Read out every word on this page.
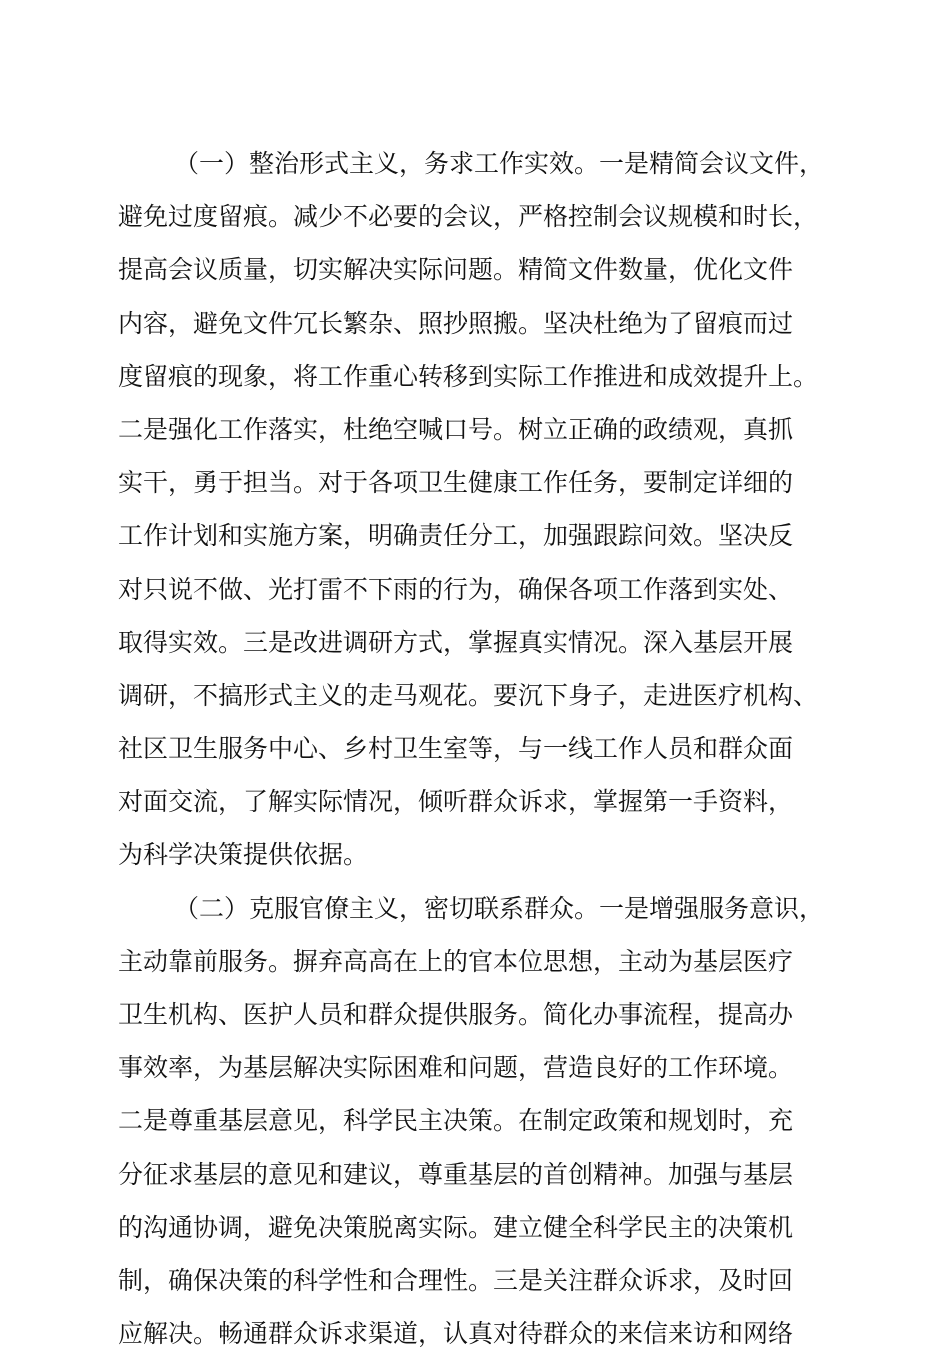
（一）整治形式主义，务求工作实效。一是精简会议文件，
避免过度留痕。减少不必要的会议，严格控制会议规模和时长，
提高会议质量，切实解决实际问题。精简文件数量，优化文件
内容，避免文件冗长繁杂、照抄照搬。坚决杜绝为了留痕而过
度留痕的现象，将工作重心转移到实际工作推进和成效提升上。
二是强化工作落实，杜绝空喊口号。树立正确的政绩观，真抓
实干，勇于担当。对于各项卫生健康工作任务，要制定详细的
工作计划和实施方案，明确责任分工，加强跟踪问效。坚决反
对只说不做、光打雷不下雨的行为，确保各项工作落到实处、
取得实效。三是改进调研方式，掌握真实情况。深入基层开展
调研，不搞形式主义的走马观花。要沉下身子，走进医疗机构、
社区卫生服务中心、乡村卫生室等，与一线工作人员和群众面
对面交流，了解实际情况，倾听群众诉求，掌握第一手资料，
为科学决策提供依据。
（二）克服官僚主义，密切联系群众。一是增强服务意识，
主动靠前服务。摒弃高高在上的官本位思想，主动为基层医疗
卫生机构、医护人员和群众提供服务。简化办事流程，提高办
事效率，为基层解决实际困难和问题，营造良好的工作环境。
二是尊重基层意见，科学民主决策。在制定政策和规划时，充
分征求基层的意见和建议，尊重基层的首创精神。加强与基层
的沟通协调，避免决策脱离实际。建立健全科学民主的决策机
制，确保决策的科学性和合理性。三是关注群众诉求，及时回
应解决。畅通群众诉求渠道，认真对待群众的来信来访和网络
